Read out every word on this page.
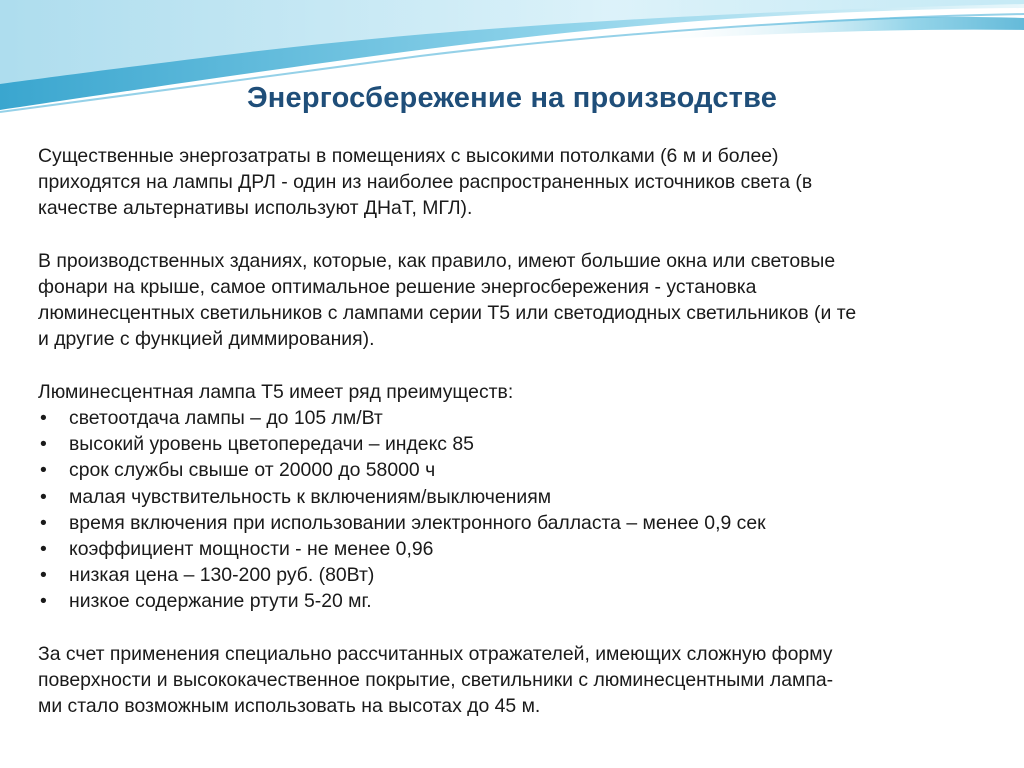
Энергосбережение на производстве
Существенные энергозатраты в помещениях с высокими потолками (6 м и более)
приходятся на лампы ДРЛ - один из наиболее распространенных источников света (в
качестве альтернативы используют ДНаТ, МГЛ).
В производственных зданиях, которые, как правило, имеют большие окна или световые
фонари на крыше, самое оптимальное решение энергосбережения - установка
люминесцентных светильников с лампами серии Т5 или светодиодных светильников (и те
и другие с функцией диммирования).
Люминесцентная лампа Т5 имеет ряд преимуществ:
• светоотдача лампы – до 105 лм/Вт
• высокий уровень цветопередачи – индекс 85
• срок службы свыше от 20000 до 58000 ч
• малая чувствительность к включениям/выключениям
• время включения при использовании электронного балласта – менее 0,9 сек
• коэффициент мощности - не менее 0,96
• низкая цена – 130-200 руб. (80Вт)
• низкое содержание ртути 5-20 мг.
За счет применения специально рассчитанных отражателей, имеющих сложную форму
поверхности и высококачественное покрытие, светильники с люминесцентными лампа-
ми стало возможным использовать на высотах до 45 м.
